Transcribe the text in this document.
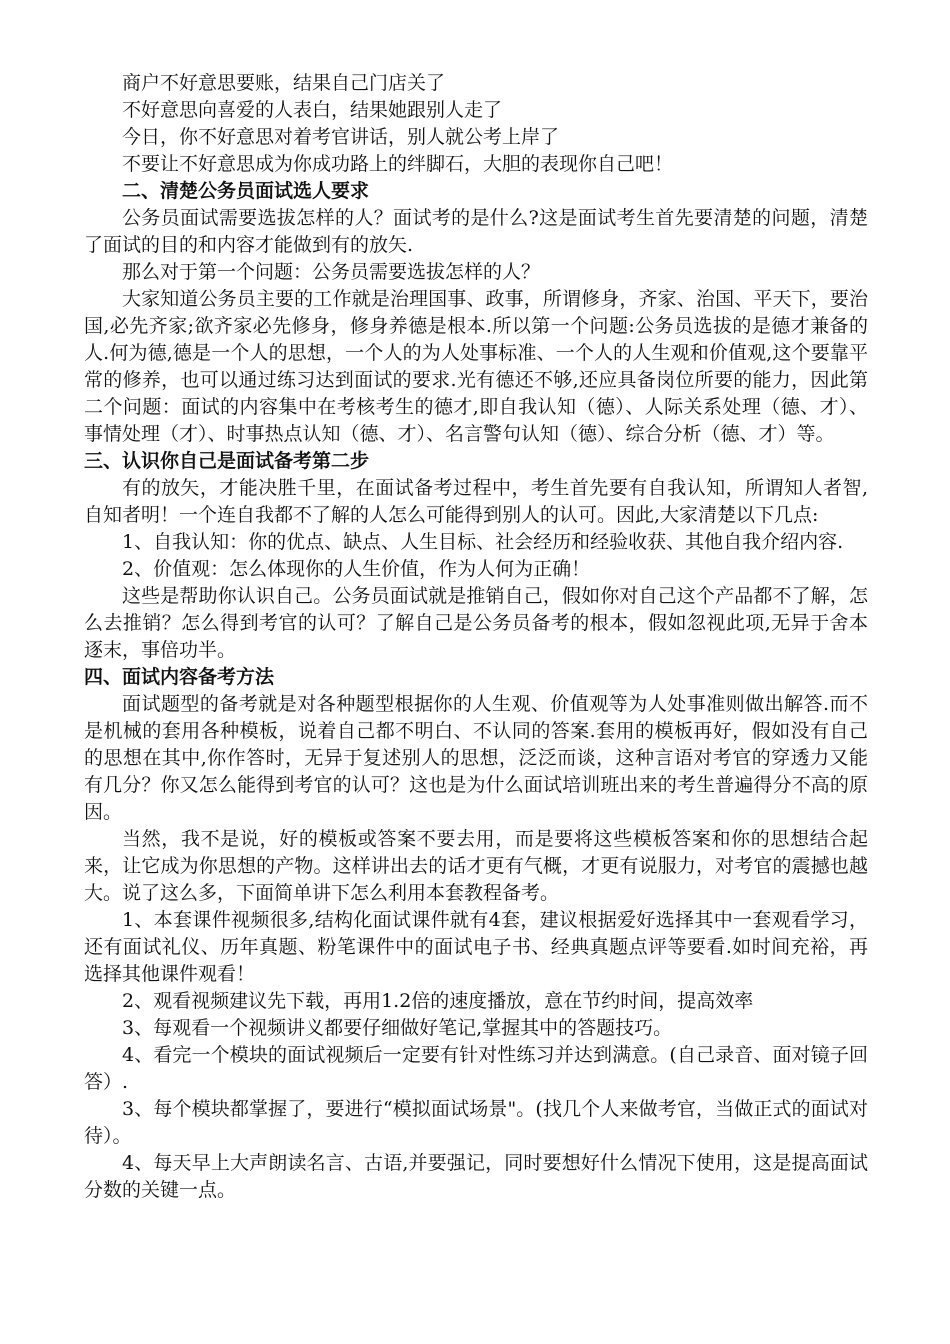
商户不好意思要账，结果自己门店关了

不好意思向喜爱的人表白，结果她跟别人走了

今日，你不好意思对着考官讲话，别人就公考上岸了

不要让不好意思成为你成功路上的绊脚石，大胆的表现你自己吧！

二、清楚公务员面试选人要求

公务员面试需要选拔怎样的人？面试考的是什么?这是面试考生首先要清楚的问题，清楚了面试的目的和内容才能做到有的放矢.

那么对于第一个问题：公务员需要选拔怎样的人？

大家知道公务员主要的工作就是治理国事、政事，所谓修身，齐家、治国、平天下，要治国,必先齐家;欲齐家必先修身，修身养德是根本.所以第一个问题:公务员选拔的是德才兼备的人.何为德,德是一个人的思想，一个人的为人处事标准、一个人的人生观和价值观,这个要靠平常的修养，也可以通过练习达到面试的要求.光有德还不够,还应具备岗位所要的能力，因此第二个问题：面试的内容集中在考核考生的德才,即自我认知（德）、人际关系处理（德、才）、事情处理（才）、时事热点认知（德、才）、名言警句认知（德）、综合分析（德、才）等。

三、认识你自己是面试备考第二步

有的放矢，才能决胜千里，在面试备考过程中，考生首先要有自我认知，所谓知人者智,自知者明！一个连自我都不了解的人怎么可能得到别人的认可。因此,大家清楚以下几点:

1、自我认知：你的优点、缺点、人生目标、社会经历和经验收获、其他自我介绍内容.

2、价值观：怎么体现你的人生价值，作为人何为正确！

这些是帮助你认识自己。公务员面试就是推销自己，假如你对自己这个产品都不了解，怎么去推销？怎么得到考官的认可？了解自己是公务员备考的根本，假如忽视此项,无异于舍本逐末，事倍功半。

四、面试内容备考方法

面试题型的备考就是对各种题型根据你的人生观、价值观等为人处事准则做出解答.而不是机械的套用各种模板，说着自己都不明白、不认同的答案.套用的模板再好，假如没有自己的思想在其中,你作答时，无异于复述别人的思想，泛泛而谈，这种言语对考官的穿透力又能有几分？你又怎么能得到考官的认可？这也是为什么面试培训班出来的考生普遍得分不高的原因。

当然，我不是说，好的模板或答案不要去用，而是要将这些模板答案和你的思想结合起来，让它成为你思想的产物。这样讲出去的话才更有气概，才更有说服力，对考官的震撼也越大。说了这么多，下面简单讲下怎么利用本套教程备考。

1、本套课件视频很多,结构化面试课件就有4套，建议根据爱好选择其中一套观看学习，还有面试礼仪、历年真题、粉笔课件中的面试电子书、经典真题点评等要看.如时间充裕，再选择其他课件观看！

2、观看视频建议先下载，再用1.2倍的速度播放，意在节约时间，提高效率

3、每观看一个视频讲义都要仔细做好笔记,掌握其中的答题技巧。

4、看完一个模块的面试视频后一定要有针对性练习并达到满意。(自己录音、面对镜子回答）.

3、每个模块都掌握了，要进行“模拟面试场景"。(找几个人来做考官，当做正式的面试对待）。

4、每天早上大声朗读名言、古语,并要强记，同时要想好什么情况下使用，这是提高面试分数的关键一点。
